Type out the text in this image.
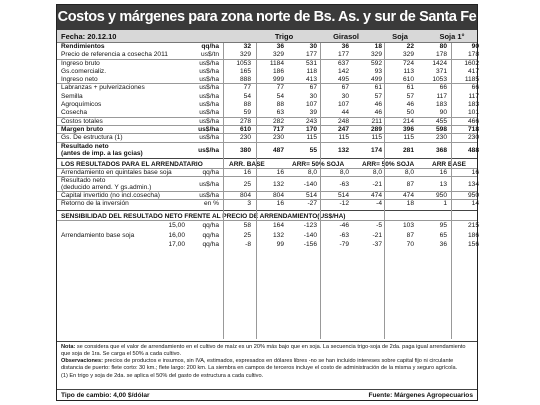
Costos y márgenes para zona norte de Bs. As. y sur de Santa Fe
Fecha: 20.12.10	Trigo	Girasol	Soja	Soja 1°
Rendimientos	qq/ha	32	36	30	36	18	22	80	90
Precio de referencia a cosecha 2011	us$/tn	329	329	177	177	329	329	178	178
Ingreso bruto	us$/ha	1053	1184	531	637	592	724	1424	1602
Gs.comercializ.	us$/ha	165	186	118	142	93	113	371	417
Ingreso neto	us$/ha	888	999	413	495	499	610	1053	1185
Labranzas + pulverizaciones	us$/ha	77	77	67	67	61	61	66	66
Semilla	us$/ha	54	54	30	30	57	57	117	117
Agroquímicos	us$/ha	88	88	107	107	46	46	183	183
Cosecha	us$/ha	59	63	39	44	46	50	90	101
Costos totales	us$/ha	278	282	243	248	211	214	455	466
Margen bruto	us$/ha	610	717	170	247	289	396	598	718
Gs. De estructura (1)	us$/ha	230	230	115	115	115	115	230	230
Resultado neto
(antes de imp. a las gcias)	us$/ha	380	487	55	132	174	281	368	488
LOS RESULTADOS PARA EL ARRENDATARIO	ARR. BASE	ARR= 50% SOJA	ARR= 50% SOJA	ARR BASE
Arrendamiento en quintales base soja	qq/ha	16	16	8,0	8,0	8,0	8,0	16	16
Resultado neto
(deducido arrend. Y gs.admin.)	us$/ha	25	132	-140	-63	-21	87	13	134
Capital invertido (no incl.cosecha)	us$/ha	804	804	514	514	474	474	950	950
Retorno de la inversión	en %	3	16	-27	-12	-4	18	1	14
SENSIBILIDAD DEL RESULTADO NETO FRENTE AL PRECIO DE ARRENDAMIENTO(US$/HA)
15,00	qq/ha	58	164	-123	-46	-5	103	95	215
Arrendamiento base soja	16,00	qq/ha	25	132	-140	-63	-21	87	65	186
17,00	qq/ha	-8	99	-156	-79	-37	70	36	156

Nota: se considera que el valor de arrendamiento en el cultivo de maíz es un 20% más bajo que en soja. La secuencia trigo-soja de 2da. paga igual arrendamiento que soja de 1ra. Se carga el 50% a cada cultivo.

Observaciones: precios de productos e insumos, sin IVA, estimados, expresados en dólares libres -no se han incluido intereses sobre capital fijo ni circulante distancia de puerto: flete corto: 30 km.; flete largo: 200 km. La siembra en campos de terceros incluye el costo de administración de la misma y seguro agrícola.

(1) En trigo y soja de 2da. se aplica el 50% del gasto de estructura a cada cultivo.

Tipo de cambio: 4,00 $/dólar	Fuente: Márgenes Agropecuarios
